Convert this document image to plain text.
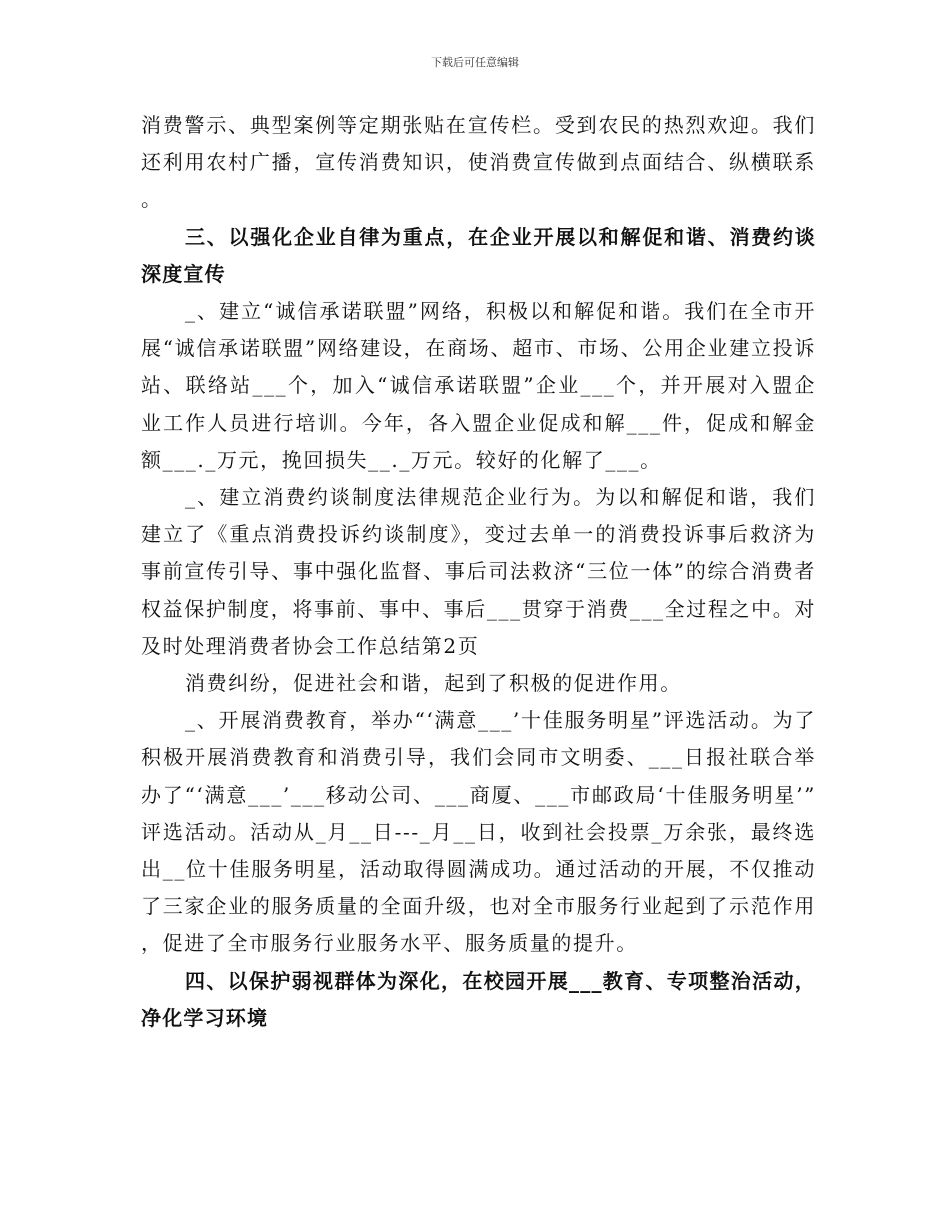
下载后可任意编辑

消费警示、典型案例等定期张贴在宣传栏。受到农民的热烈欢迎。我们还利用农村广播，宣传消费知识，使消费宣传做到点面结合、纵横联系。

三、以强化企业自律为重点，在企业开展以和解促和谐、消费约谈深度宣传

_、建立“诚信承诺联盟”网络，积极以和解促和谐。我们在全市开展“诚信承诺联盟”网络建设，在商场、超市、市场、公用企业建立投诉站、联络站___个，加入“诚信承诺联盟”企业___个，并开展对入盟企业工作人员进行培训。今年，各入盟企业促成和解___件，促成和解金额___._万元，挽回损失__._万元。较好的化解了___。

_、建立消费约谈制度法律规范企业行为。为以和解促和谐，我们建立了《重点消费投诉约谈制度》，变过去单一的消费投诉事后救济为事前宣传引导、事中强化监督、事后司法救济“三位一体”的综合消费者权益保护制度，将事前、事中、事后___贯穿于消费___全过程之中。对及时处理消费者协会工作总结第2页

消费纠纷，促进社会和谐，起到了积极的促进作用。

_、开展消费教育，举办“‘满意___’十佳服务明星”评选活动。为了积极开展消费教育和消费引导，我们会同市文明委、___日报社联合举办了“‘满意___’___移动公司、___商厦、___市邮政局‘十佳服务明星’”评选活动。活动从_月__日---_月__日，收到社会投票_万余张，最终选出__位十佳服务明星，活动取得圆满成功。通过活动的开展，不仅推动了三家企业的服务质量的全面升级，也对全市服务行业起到了示范作用，促进了全市服务行业服务水平、服务质量的提升。

四、以保护弱视群体为深化，在校园开展___教育、专项整治活动，净化学习环境
